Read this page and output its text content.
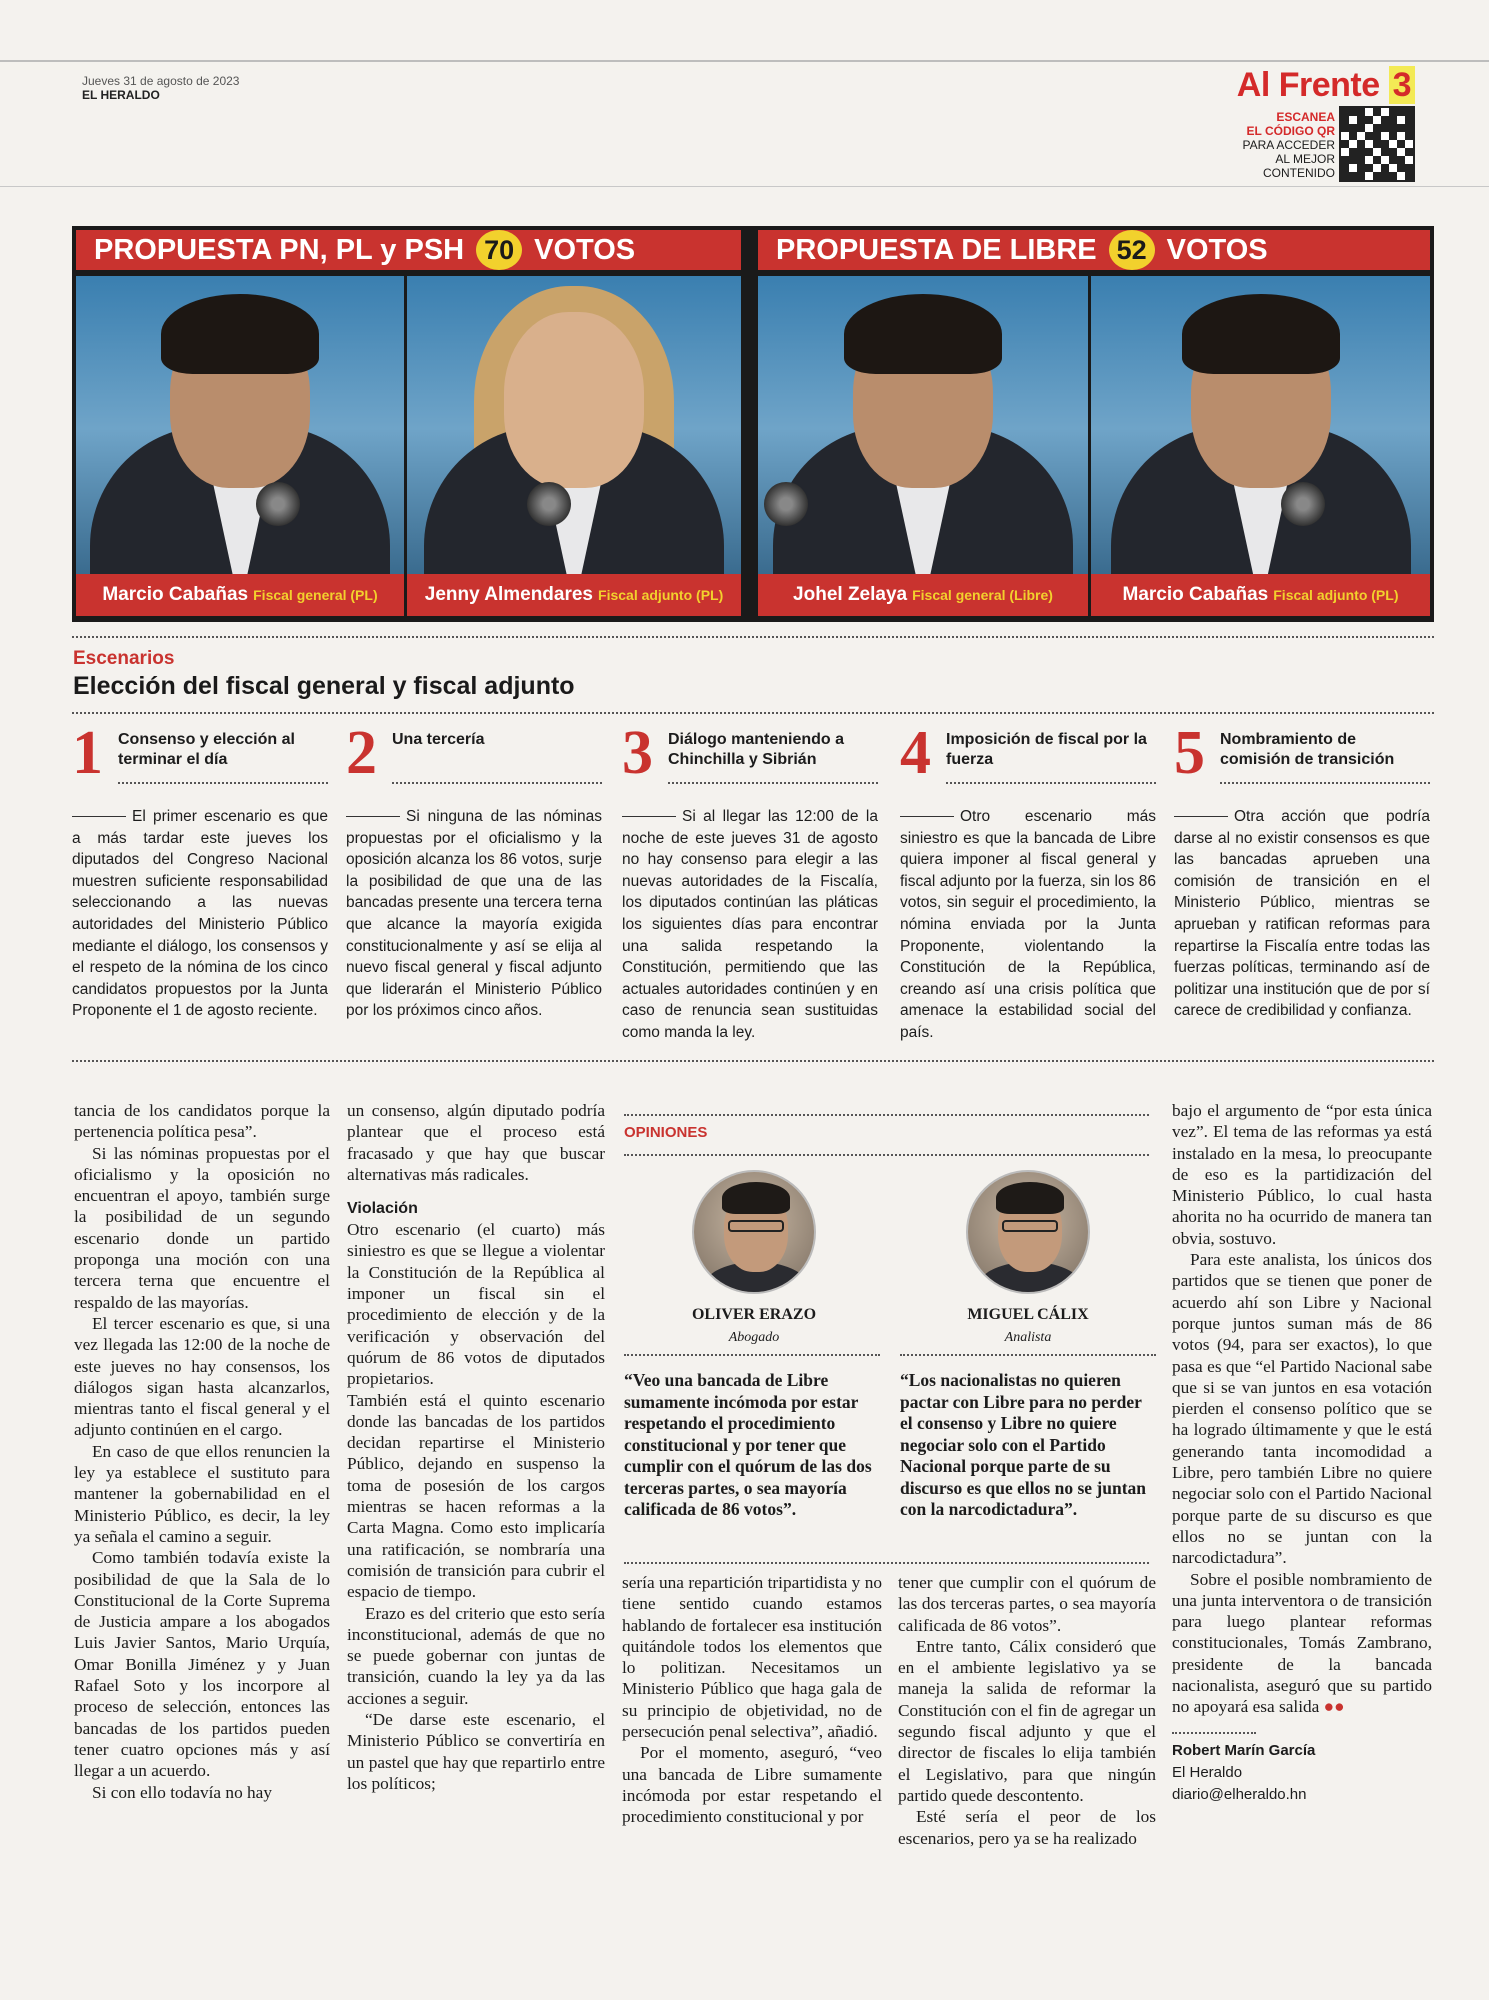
Jueves 31 de agosto de 2023
EL HERALDO	Al Frente 3
ESCANEA
EL CÓDIGO QR
PARA ACCEDER
AL MEJOR
CONTENIDO
PROPUESTA PN, PL y PSH 70 VOTOS	PROPUESTA DE LIBRE 52 VOTOS
Marcio Cabañas Fiscal general (PL) Jenny Almendares Fiscal adjunto (PL)	Johel Zelaya Fiscal general (Libre)	Marcio Cabañas Fiscal adjunto (PL)
Escenarios
Elección del fiscal general y fiscal adjunto
1 Consenso y elección al terminar el día
El primer escenario es que a más tardar este jueves los diputados del Congreso Nacional muestren suficiente responsabilidad seleccionando a las nuevas autoridades del Ministerio Público mediante el diálogo, los consensos y el respeto de la nómina de los cinco candidatos propuestos por la Junta Proponente el 1 de agosto reciente.
2 Una tercería
Si ninguna de las nóminas propuestas por el oficialismo y la oposición alcanza los 86 votos, surje la posibilidad de que una de las bancadas presente una tercera terna que alcance la mayoría exigida constitucionalmente y así se elija al nuevo fiscal general y fiscal adjunto que liderarán el Ministerio Público por los próximos cinco años.
3 Diálogo manteniendo a Chinchilla y Sibrián
Si al llegar las 12:00 de la noche de este jueves 31 de agosto no hay consenso para elegir a las nuevas autoridades de la Fiscalía, los diputados continúan las pláticas los siguientes días para encontrar una salida respetando la Constitución, permitiendo que las actuales autoridades continúen y en caso de renuncia sean sustituidas como manda la ley.
4 Imposición de fiscal por la fuerza
Otro escenario más siniestro es que la bancada de Libre quiera imponer al fiscal general y fiscal adjunto por la fuerza, sin los 86 votos, sin seguir el procedimiento, la nómina enviada por la Junta Proponente, violentando la Constitución de la República, creando así una crisis política que amenace la estabilidad social del país.
5 Nombramiento de comisión de transición
Otra acción que podría darse al no existir consensos es que las bancadas aprueben una comisión de transición en el Ministerio Público, mientras se aprueban y ratifican reformas para repartirse la Fiscalía entre todas las fuerzas políticas, terminando así de politizar una institución que de por sí carece de credibilidad y confianza.

tancia de los candidatos porque la pertenencia política pesa”.

Si las nóminas propuestas por el oficialismo y la oposición no encuentran el apoyo, también surge la posibilidad de un segundo escenario donde un partido proponga una moción con una tercera terna que encuentre el respaldo de las mayorías.

El tercer escenario es que, si una vez llegada las 12:00 de la noche de este jueves no hay consensos, los diálogos sigan hasta alcanzarlos, mientras tanto el fiscal general y el adjunto continúen en el cargo.

En caso de que ellos renuncien la ley ya establece el sustituto para mantener la gobernabilidad en el Ministerio Público, es decir, la ley ya señala el camino a seguir.

Como también todavía existe la posibilidad de que la Sala de lo Constitucional de la Corte Suprema de Justicia ampare a los abogados Luis Javier Santos, Mario Urquía, Omar Bonilla Jiménez y y Juan Rafael Soto y los incorpore al proceso de selección, entonces las bancadas de los partidos pueden tener cuatro opciones más y así llegar a un acuerdo.

Si con ello todavía no hay

un consenso, algún diputado podría plantear que el proceso está fracasado y que hay que buscar alternativas más radicales.

Violación

Otro escenario (el cuarto) más siniestro es que se llegue a violentar la Constitución de la República al imponer un fiscal sin el procedimiento de elección y de la verificación y observación del quórum de 86 votos de diputados propietarios.

También está el quinto escenario donde las bancadas de los partidos decidan repartirse el Ministerio Público, dejando en suspenso la toma de posesión de los cargos mientras se hacen reformas a la Carta Magna. Como esto implicaría una ratificación, se nombraría una comisión de transición para cubrir el espacio de tiempo.

Erazo es del criterio que esto sería inconstitucional, además de que no se puede gobernar con juntas de transición, cuando la ley ya da las acciones a seguir.

“De darse este escenario, el Ministerio Público se convertiría en un pastel que hay que repartirlo entre los políticos;

OPINIONES
OLIVER ERAZO
Abogado
“Veo una bancada de Libre sumamente incómoda por estar respetando el procedimiento constitucional y por tener que cumplir con el quórum de las dos terceras partes, o sea mayoría calificada de 86 votos”.
MIGUEL CÁLIX
Analista
“Los nacionalistas no quieren pactar con Libre para no perder el consenso y Libre no quiere negociar solo con el Partido Nacional porque parte de su discurso es que ellos no se juntan con la narcodictadura”.

sería una repartición tripartidista y no tiene sentido cuando estamos hablando de fortalecer esa institución quitándole todos los elementos que lo politizan. Necesitamos un Ministerio Público que haga gala de su principio de objetividad, no de persecución penal selectiva”, añadió.

Por el momento, aseguró, “veo una bancada de Libre sumamente incómoda por estar respetando el procedimiento constitucional y por

tener que cumplir con el quórum de las dos terceras partes, o sea mayoría calificada de 86 votos”.

Entre tanto, Cálix consideró que en el ambiente legislativo ya se maneja la salida de reformar la Constitución con el fin de agregar un segundo fiscal adjunto y que el director de fiscales lo elija también el Legislativo, para que ningún partido quede descontento.

Esté sería el peor de los escenarios, pero ya se ha realizado

bajo el argumento de “por esta única vez”. El tema de las reformas ya está instalado en la mesa, lo preocupante de eso es la partidización del Ministerio Público, lo cual hasta ahorita no ha ocurrido de manera tan obvia, sostuvo.

Para este analista, los únicos dos partidos que se tienen que poner de acuerdo ahí son Libre y Nacional porque juntos suman más de 86 votos (94, para ser exactos), lo que pasa es que “el Partido Nacional sabe que si se van juntos en esa votación pierden el consenso político que se ha logrado últimamente y que le está generando tanta incomodidad a Libre, pero también Libre no quiere negociar solo con el Partido Nacional porque parte de su discurso es que ellos no se juntan con la narcodictadura”.

Sobre el posible nombramiento de una junta interventora o de transición para luego plantear reformas constitucionales, Tomás Zambrano, presidente de la bancada nacionalista, aseguró que su partido no apoyará esa salida ●●

Robert Marín García
El Heraldo
diario@elheraldo.hn
